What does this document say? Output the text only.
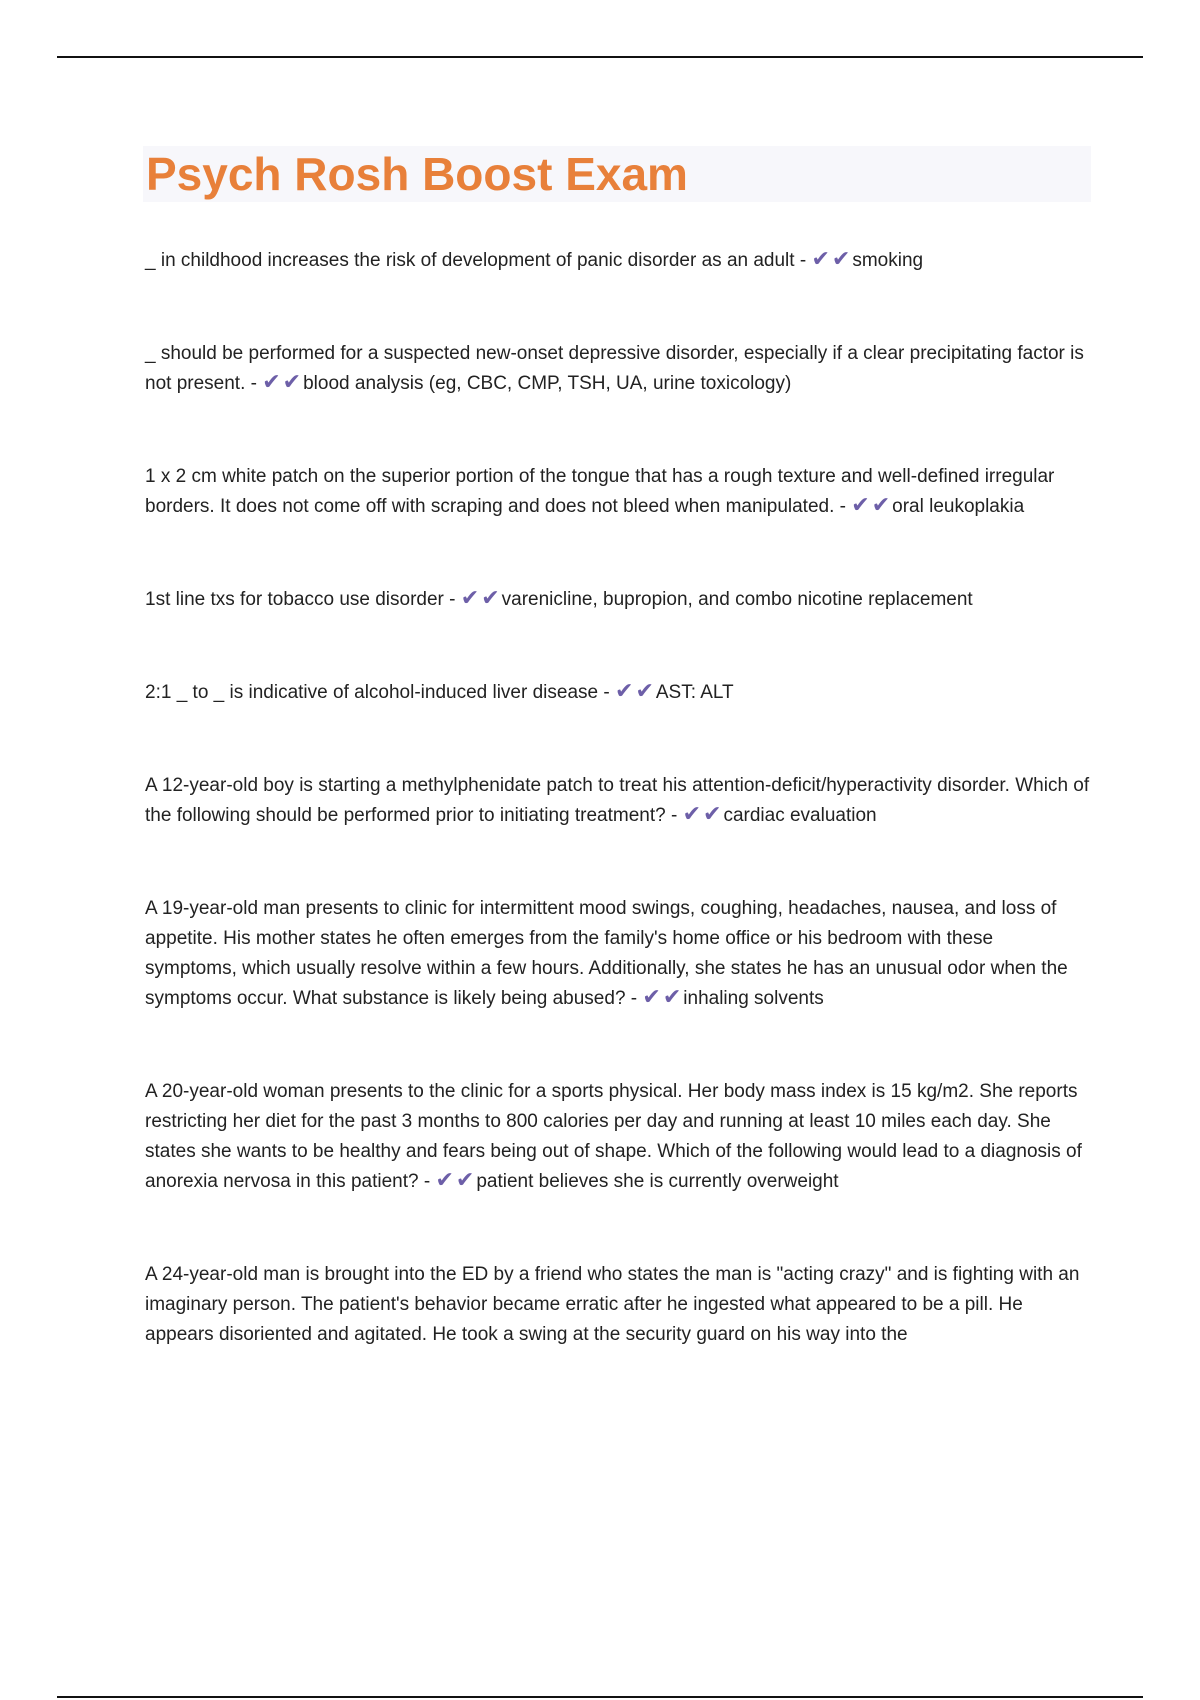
Psych Rosh Boost Exam

_ in childhood increases the risk of development of panic disorder as an adult - ✔✔ smoking

_ should be performed for a suspected new-onset depressive disorder, especially if a clear precipitating factor is not present. - ✔✔ blood analysis (eg, CBC, CMP, TSH, UA, urine toxicology)

1 x 2 cm white patch on the superior portion of the tongue that has a rough texture and well-defined irregular borders. It does not come off with scraping and does not bleed when manipulated. - ✔✔ oral leukoplakia

1st line txs for tobacco use disorder - ✔✔ varenicline, bupropion, and combo nicotine replacement

2:1 _ to _ is indicative of alcohol-induced liver disease - ✔✔ AST: ALT

A 12-year-old boy is starting a methylphenidate patch to treat his attention-deficit/hyperactivity disorder. Which of the following should be performed prior to initiating treatment? - ✔✔ cardiac evaluation

A 19-year-old man presents to clinic for intermittent mood swings, coughing, headaches, nausea, and loss of appetite. His mother states he often emerges from the family's home office or his bedroom with these symptoms, which usually resolve within a few hours. Additionally, she states he has an unusual odor when the symptoms occur. What substance is likely being abused? - ✔✔ inhaling solvents

A 20-year-old woman presents to the clinic for a sports physical. Her body mass index is 15 kg/m2. She reports restricting her diet for the past 3 months to 800 calories per day and running at least 10 miles each day. She states she wants to be healthy and fears being out of shape. Which of the following would lead to a diagnosis of anorexia nervosa in this patient? - ✔✔ patient believes she is currently overweight

A 24-year-old man is brought into the ED by a friend who states the man is "acting crazy" and is fighting with an imaginary person. The patient's behavior became erratic after he ingested what appeared to be a pill. He appears disoriented and agitated. He took a swing at the security guard on his way into the
